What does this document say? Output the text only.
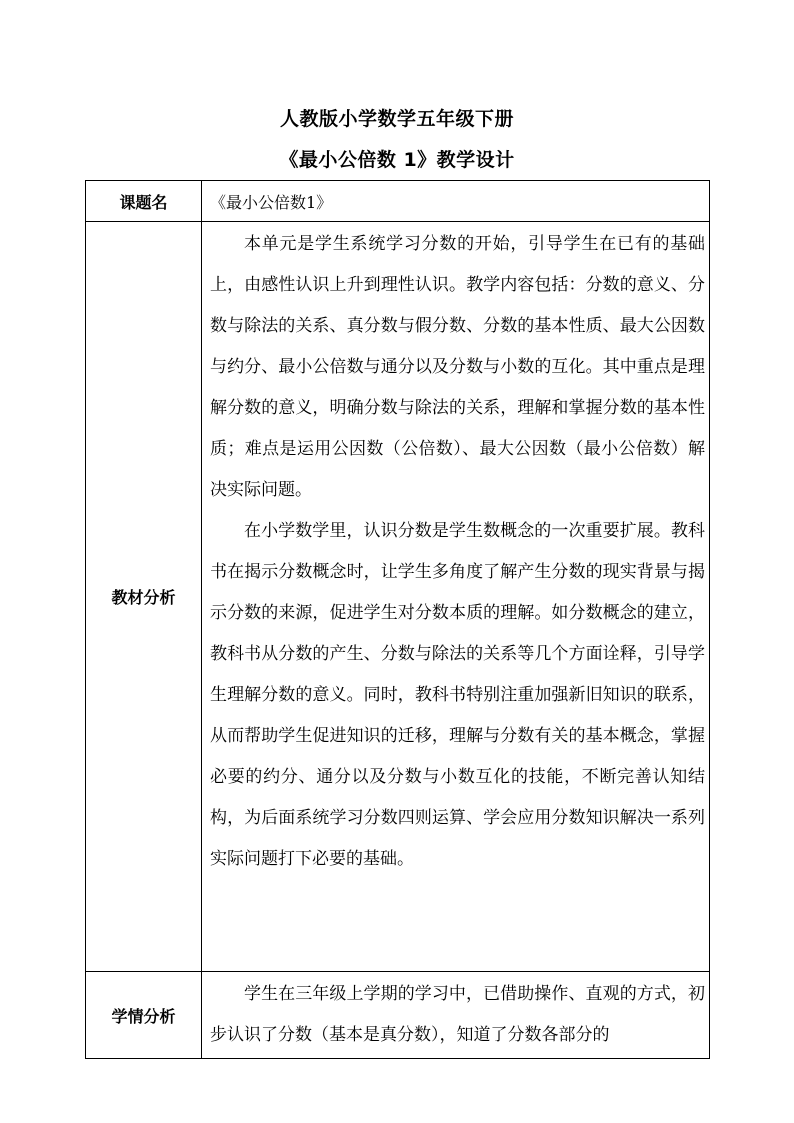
人教版小学数学五年级下册
《最小公倍数 1》教学设计
课题名	《最小公倍数1》
教材分析	本单元是学生系统学习分数的开始，引导学生在已有的基础上，由感性认识上升到理性认识。教学内容包括：分数的意义、分数与除法的关系、真分数与假分数、分数的基本性质、最大公因数与约分、最小公倍数与通分以及分数与小数的互化。其中重点是理解分数的意义，明确分数与除法的关系，理解和掌握分数的基本性质；难点是运用公因数（公倍数）、最大公因数（最小公倍数）解决实际问题。

在小学数学里，认识分数是学生数概念的一次重要扩展。教科书在揭示分数概念时，让学生多角度了解产生分数的现实背景与揭示分数的来源，促进学生对分数本质的理解。如分数概念的建立，教科书从分数的产生、分数与除法的关系等几个方面诠释，引导学生理解分数的意义。同时，教科书特别注重加强新旧知识的联系，从而帮助学生促进知识的迁移，理解与分数有关的基本概念，掌握必要的约分、通分以及分数与小数互化的技能，不断完善认知结构，为后面系统学习分数四则运算、学会应用分数知识解决一系列实际问题打下必要的基础。

学情分析	学生在三年级上学期的学习中，已借助操作、直观的方式，初步认识了分数（基本是真分数），知道了分数各部分的
